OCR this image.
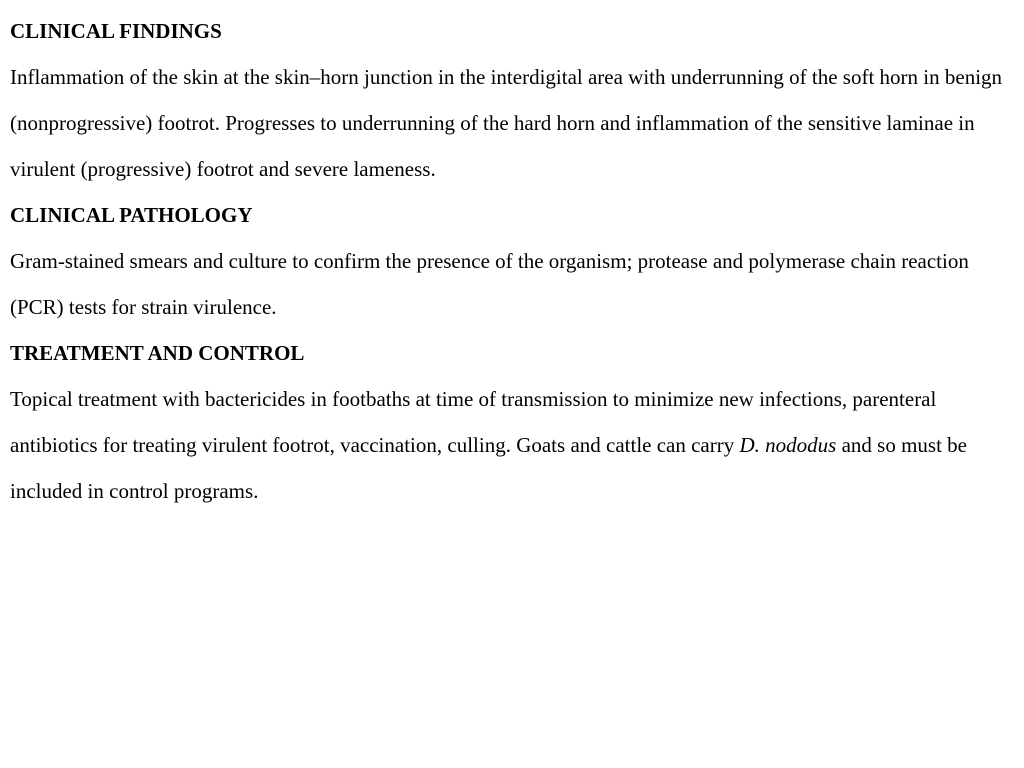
CLINICAL FINDINGS

Inflammation of the skin at the skin–horn junction in the interdigital area with underrunning of the soft horn in benign (nonprogressive) footrot. Progresses to underrunning of the hard horn and inflammation of the sensitive laminae in virulent (progressive) footrot and severe lameness.

CLINICAL PATHOLOGY

Gram-stained smears and culture to confirm the presence of the organism; protease and polymerase chain reaction (PCR) tests for strain virulence.

TREATMENT AND CONTROL

Topical treatment with bactericides in footbaths at time of transmission to minimize new infections, parenteral antibiotics for treating virulent footrot, vaccination, culling. Goats and cattle can carry D. nododus and so must be included in control programs.
